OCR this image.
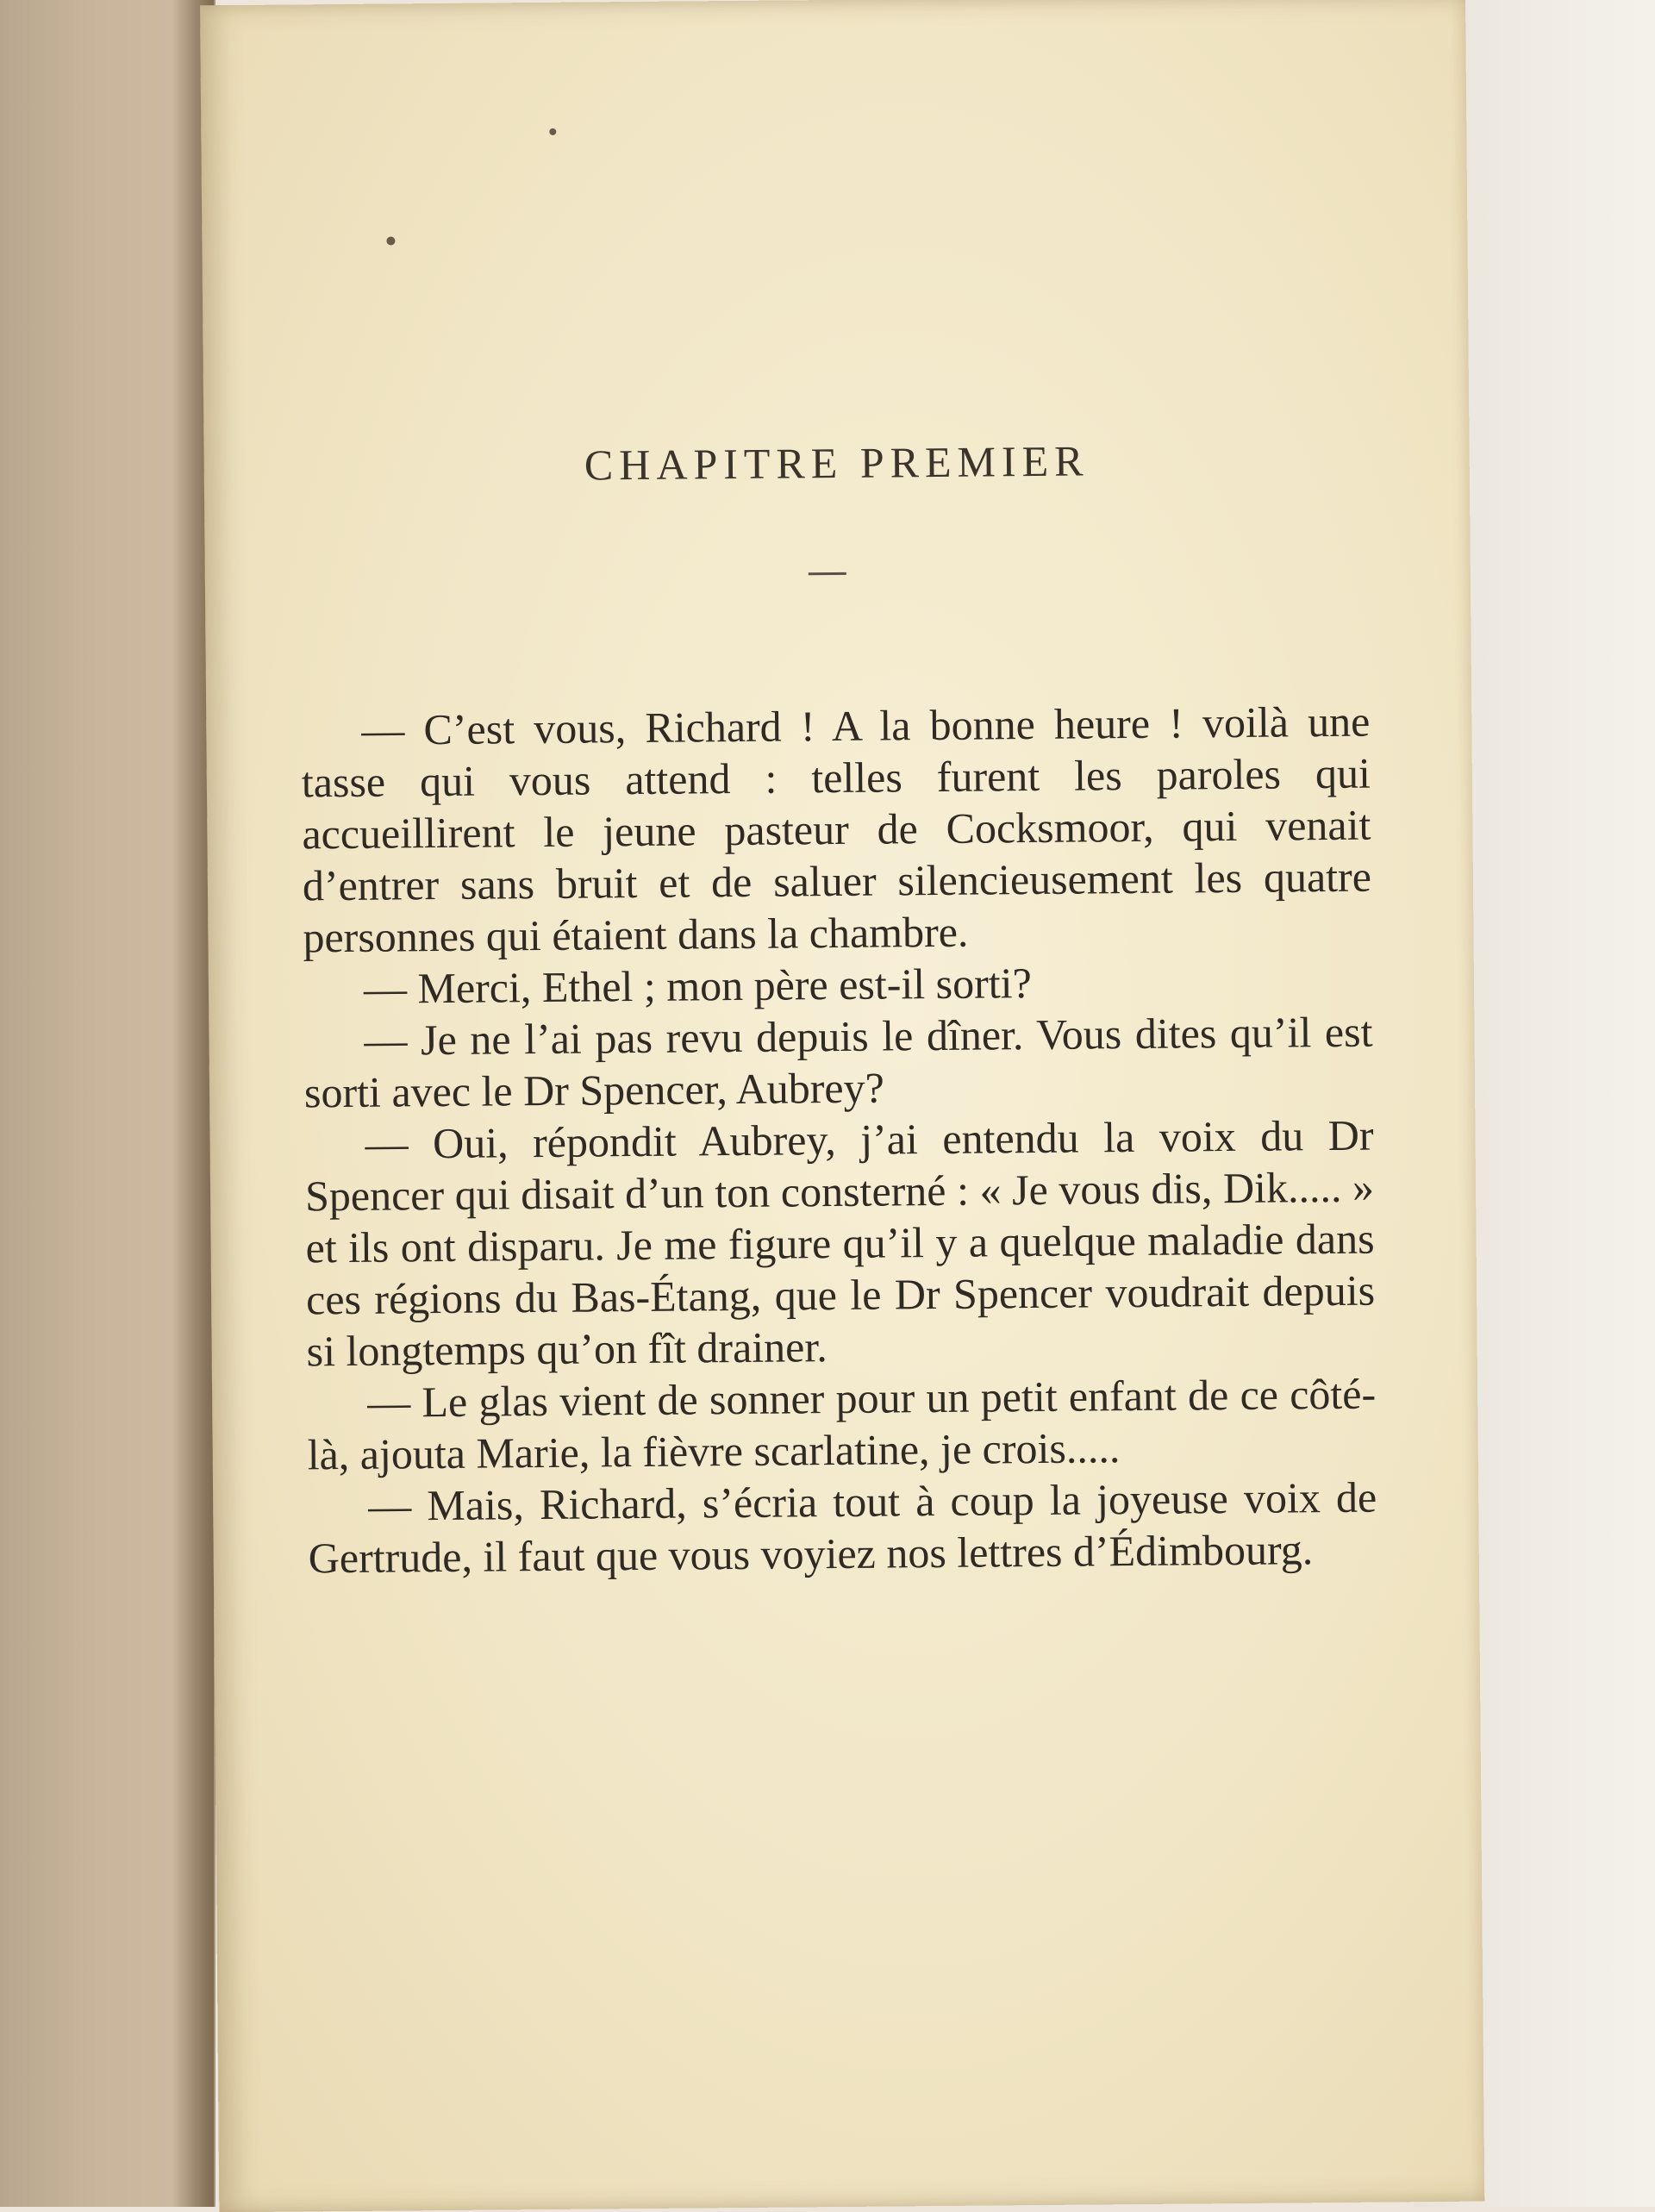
CHAPITRE PREMIER

— C’est vous, Richard ! A la bonne heure ! voilà une tasse qui vous attend : telles furent les paroles qui accueillirent le jeune pasteur de Cocksmoor, qui venait d’entrer sans bruit et de saluer silencieusement les quatre personnes qui étaient dans la chambre.

— Merci, Ethel ; mon père est-il sorti?

— Je ne l’ai pas revu depuis le dîner. Vous dites qu’il est sorti avec le Dr Spencer, Aubrey?

— Oui, répondit Aubrey, j’ai entendu la voix du Dr Spencer qui disait d’un ton consterné : « Je vous dis, Dik..... » et ils ont disparu. Je me figure qu’il y a quelque maladie dans ces régions du Bas-Étang, que le Dr Spencer voudrait depuis si longtemps qu’on fît drainer.

— Le glas vient de sonner pour un petit enfant de ce côté-là, ajouta Marie, la fièvre scarlatine, je crois.....

— Mais, Richard, s’écria tout à coup la joyeuse voix de Gertrude, il faut que vous voyiez nos lettres d’Édimbourg.
